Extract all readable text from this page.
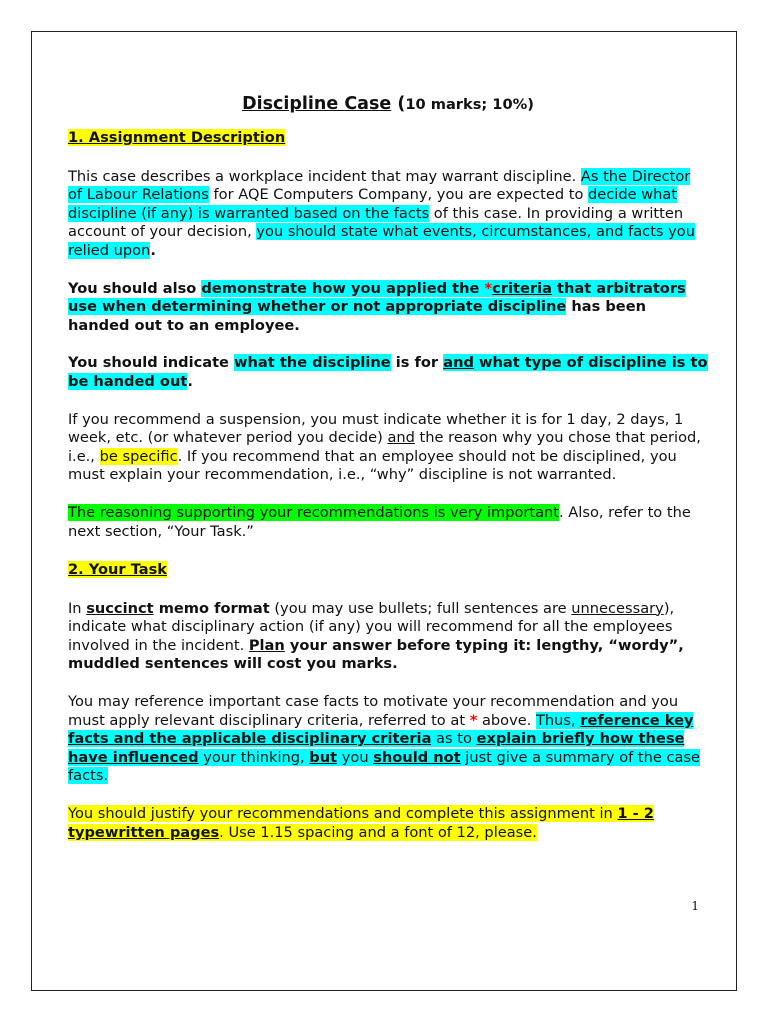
Discipline Case (10 marks; 10%)
1. Assignment Description

This case describes a workplace incident that may warrant discipline. As the Director of Labour Relations for AQE Computers Company, you are expected to decide what discipline (if any) is warranted based on the facts of this case. In providing a written account of your decision, you should state what events, circumstances, and facts you relied upon.

You should also demonstrate how you applied the *criteria that arbitrators use when determining whether or not appropriate discipline has been handed out to an employee.

You should indicate what the discipline is for and what type of discipline is to be handed out.

If you recommend a suspension, you must indicate whether it is for 1 day, 2 days, 1 week, etc. (or whatever period you decide) and the reason why you chose that period, i.e., be specific. If you recommend that an employee should not be disciplined, you must explain your recommendation, i.e., “why” discipline is not warranted.

The reasoning supporting your recommendations is very important. Also, refer to the next section, “Your Task.”

2. Your Task

In succinct memo format (you may use bullets; full sentences are unnecessary), indicate what disciplinary action (if any) you will recommend for all the employees involved in the incident. Plan your answer before typing it: lengthy, “wordy”, muddled sentences will cost you marks.

You may reference important case facts to motivate your recommendation and you must apply relevant disciplinary criteria, referred to at * above. Thus, reference key facts and the applicable disciplinary criteria as to explain briefly how these have influenced your thinking, but you should not just give a summary of the case facts.

You should justify your recommendations and complete this assignment in 1 - 2 typewritten pages. Use 1.15 spacing and a font of 12, please.

1
